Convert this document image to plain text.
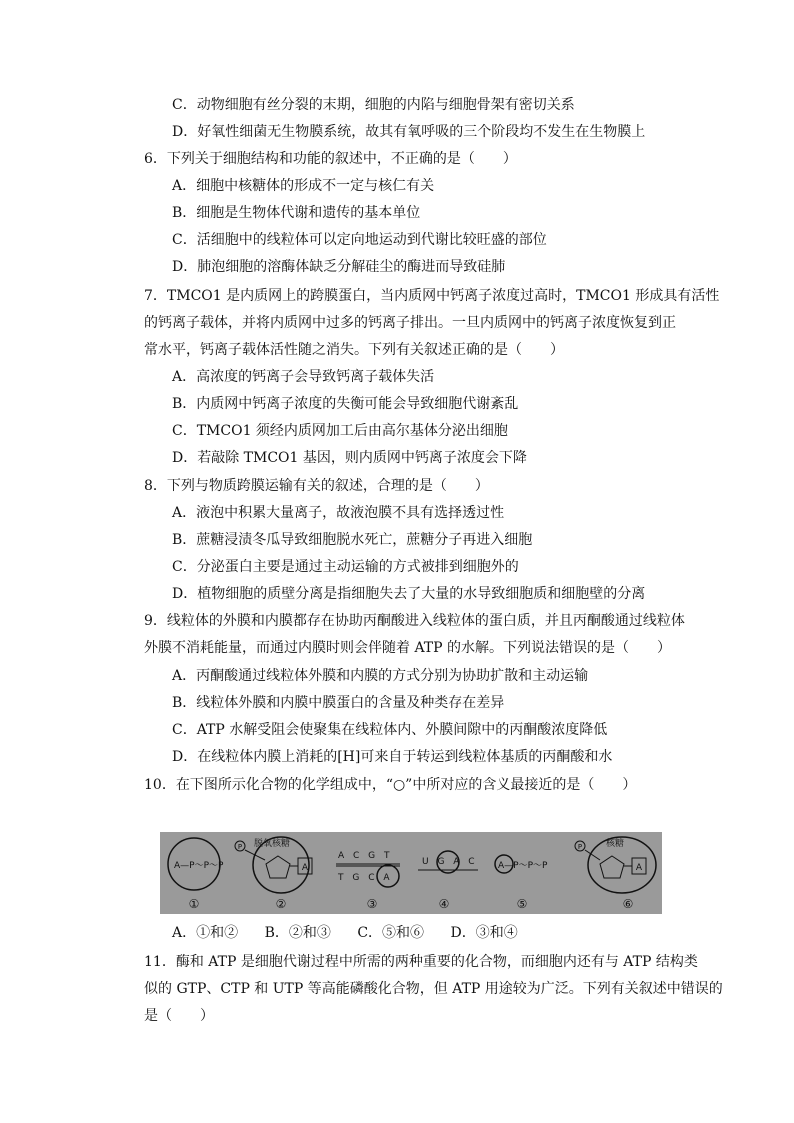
C．动物细胞有丝分裂的末期，细胞的内陷与细胞骨架有密切关系
D．好氧性细菌无生物膜系统，故其有氧呼吸的三个阶段均不发生在生物膜上
6．下列关于细胞结构和功能的叙述中，不正确的是（　　）
A．细胞中核糖体的形成不一定与核仁有关
B．细胞是生物体代谢和遗传的基本单位
C．活细胞中的线粒体可以定向地运动到代谢比较旺盛的部位
D．肺泡细胞的溶酶体缺乏分解硅尘的酶进而导致硅肺
7．TMCO1 是内质网上的跨膜蛋白，当内质网中钙离子浓度过高时，TMCO1 形成具有活性
的钙离子载体，并将内质网中过多的钙离子排出。一旦内质网中的钙离子浓度恢复到正
常水平，钙离子载体活性随之消失。下列有关叙述正确的是（　　）
A．高浓度的钙离子会导致钙离子载体失活
B．内质网中钙离子浓度的失衡可能会导致细胞代谢紊乱
C．TMCO1 须经内质网加工后由高尔基体分泌出细胞
D．若敲除 TMCO1 基因，则内质网中钙离子浓度会下降
8．下列与物质跨膜运输有关的叙述，合理的是（　　）
A．液泡中积累大量离子，故液泡膜不具有选择透过性
B．蔗糖浸渍冬瓜导致细胞脱水死亡，蔗糖分子再进入细胞
C．分泌蛋白主要是通过主动运输的方式被排到细胞外的
D．植物细胞的质壁分离是指细胞失去了大量的水导致细胞质和细胞壁的分离
9．线粒体的外膜和内膜都存在协助丙酮酸进入线粒体的蛋白质，并且丙酮酸通过线粒体
外膜不消耗能量，而通过内膜时则会伴随着 ATP 的水解。下列说法错误的是（　　）
A．丙酮酸通过线粒体外膜和内膜的方式分别为协助扩散和主动运输
B．线粒体外膜和内膜中膜蛋白的含量及种类存在差异
C．ATP 水解受阻会使聚集在线粒体内、外膜间隙中的丙酮酸浓度降低
D．在线粒体内膜上消耗的[H]可来自于转运到线粒体基质的丙酮酸和水
10．在下图所示化合物的化学组成中，“○”中所对应的含义最接近的是（　　）
A—P～P～P
①
P
A
脱氧核糖
②
A C G T
T G C A
③
U G A C
④
A—P～P～P
⑤
P
A
核糖
⑥
A．①和② B．②和③ C．⑤和⑥ D．③和④
11．酶和 ATP 是细胞代谢过程中所需的两种重要的化合物，而细胞内还有与 ATP 结构类
似的 GTP、CTP 和 UTP 等高能磷酸化合物，但 ATP 用途较为广泛。下列有关叙述中错误的
是（　　）
